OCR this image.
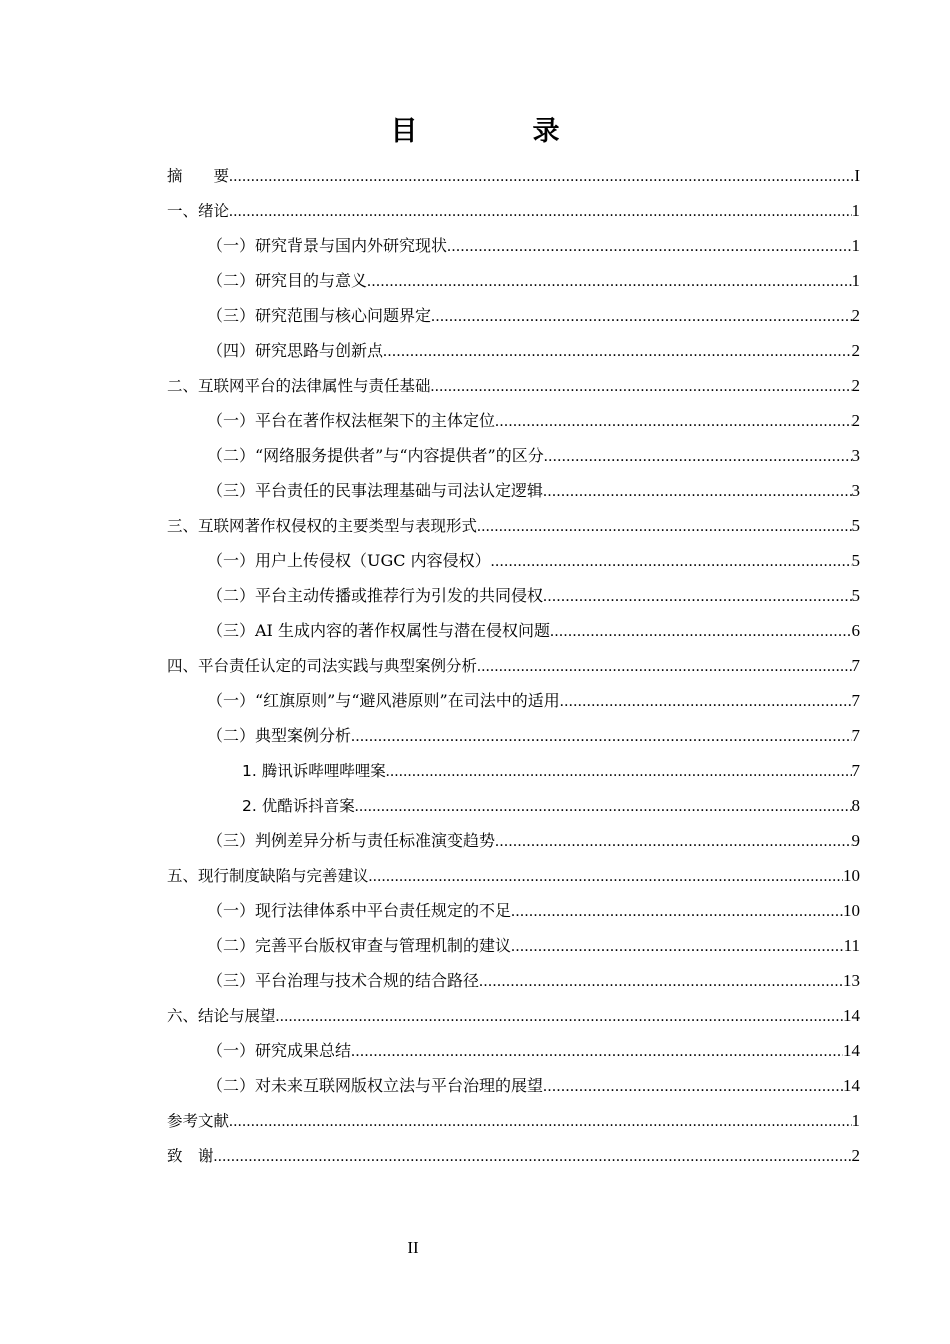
目　录
摘　　要 .....	I
一、绪论 .....	1
（一）研究背景与国内外研究现状 .....	1
（二）研究目的与意义 .....	1
（三）研究范围与核心问题界定 .....	2
（四）研究思路与创新点 .....	2
二、互联网平台的法律属性与责任基础 .....	2
（一）平台在著作权法框架下的主体定位 .....	2
（二）“网络服务提供者”与“内容提供者”的区分 .....	3
（三）平台责任的民事法理基础与司法认定逻辑 .....	3
三、互联网著作权侵权的主要类型与表现形式 .....	5
（一）用户上传侵权（UGC 内容侵权） .....	5
（二）平台主动传播或推荐行为引发的共同侵权 .....	5
（三）AI 生成内容的著作权属性与潜在侵权问题 .....	6
四、平台责任认定的司法实践与典型案例分析 .....	7
（一）“红旗原则”与“避风港原则”在司法中的适用 .....	7
（二）典型案例分析 .....	7
1. 腾讯诉哔哩哔哩案 .....	7
2. 优酷诉抖音案 .....	8
（三）判例差异分析与责任标准演变趋势 .....	9
五、现行制度缺陷与完善建议 .....	10
（一）现行法律体系中平台责任规定的不足 .....	10
（二）完善平台版权审查与管理机制的建议 .....	11
（三）平台治理与技术合规的结合路径 .....	13
六、结论与展望 .....	14
（一）研究成果总结 .....	14
（二）对未来互联网版权立法与平台治理的展望 .....	14
参考文献 .....	1
致　谢 .....	2
II
